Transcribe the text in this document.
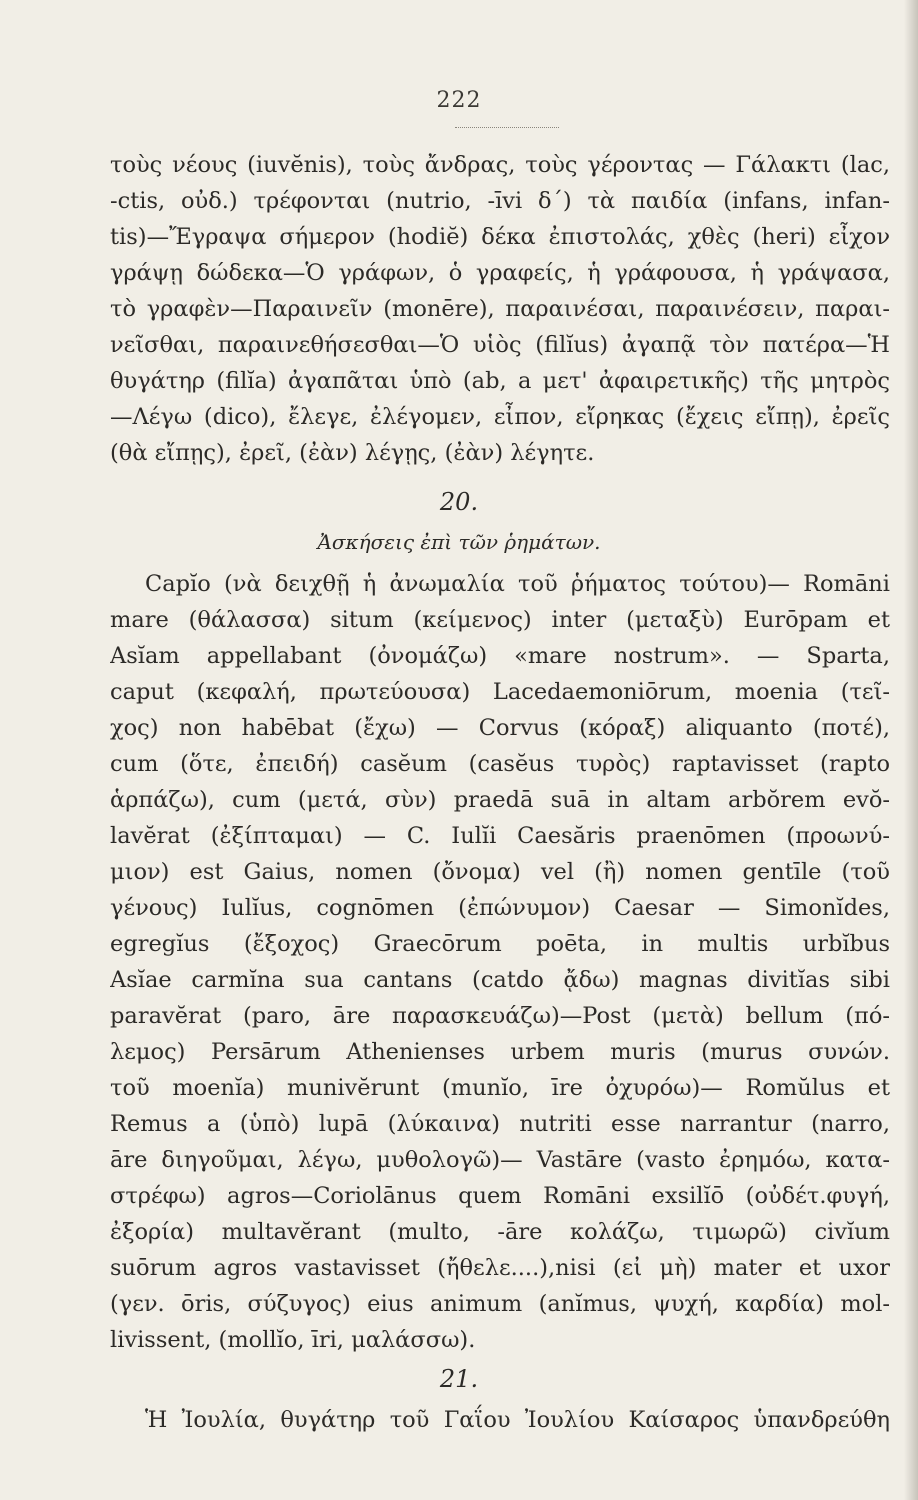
222
τοὺς νέους (iuvĕnis), τοὺς ἄνδρας, τοὺς γέροντας — Γάλακτι (lac,
-ctis, οὐδ.) τρέφονται (nutrio, -īvi δ΄) τὰ παιδία (infans, infan-
tis)—Ἔγραψα σήμερον (hodiĕ) δέκα ἐπιστολάς, χθὲς (heri) εἶχον
γράψῃ δώδεκα—Ὁ γράφων, ὁ γραφείς, ἡ γράφουσα, ἡ γράψασα,
τὸ γραφὲν—Παραινεῖν (monēre), παραινέσαι, παραινέσειν, παραι-
νεῖσθαι, παραινεθήσεσθαι—Ὁ υἱὸς (filĭus) ἀγαπᾷ τὸν πατέρα—Ἡ
θυγάτηρ (filĭa) ἀγαπᾶται ὑπὸ (ab, a μετ' ἀφαιρετικῆς) τῆς μητρὸς
—Λέγω (dico), ἔλεγε, ἐλέγομεν, εἶπον, εἴρηκας (ἔχεις εἴπῃ), ἐρεῖς
(θὰ εἴπῃς), ἐρεῖ, (ἐὰν) λέγῃς, (ἐὰν) λέγητε.
20.
Ἀσκήσεις ἐπὶ τῶν ῥημάτων.
Capĭo (νὰ δειχθῇ ἡ ἀνωμαλία τοῦ ῥήματος τούτου)— Romāni
mare (θάλασσα) situm (κείμενος) inter (μεταξὺ) Eurōpam et
Asĭam appellabant (ὀνομάζω) «mare nostrum». — Sparta,
caput (κεφαλή, πρωτεύουσα) Lacedaemoniōrum, moenia (τεῖ-
χος) non habēbat (ἔχω) — Corvus (κόραξ) aliquanto (ποτέ),
cum (ὅτε, ἐπειδή) casĕum (casĕus τυρὸς) raptavisset (rapto
ἁρπάζω), cum (μετά, σὺν) praedā suā in altam arbŏrem evŏ-
lavĕrat (ἐξίπταμαι) — C. Iulĭi Caesăris praenōmen (προωνύ-
μιον) est Gaius, nomen (ὄνομα) vel (ἢ) nomen gentīle (τοῦ
γένους) Iulĭus, cognōmen (ἐπώνυμον) Caesar — Simonĭdes,
egregĭus (ἔξοχος) Graecōrum poēta, in multis urbĭbus
Asĭae carmĭna sua cantans (catdo ᾄδω) magnas divitĭas sibi
paravĕrat (paro, āre παρασκευάζω)—Post (μετὰ) bellum (πό-
λεμος) Persārum Athenienses urbem muris (murus συνών.
τοῦ moenĭa) munivĕrunt (munĭo, īre ὀχυρόω)— Romŭlus et
Remus a (ὑπὸ) lupā (λύκαινα) nutriti esse narrantur (narro,
āre διηγοῦμαι, λέγω, μυθολογῶ)— Vastāre (vasto ἐρημόω, κατα-
στρέφω) agros—Coriolānus quem Romāni exsilĭō (οὐδέτ.φυγή,
ἐξορία) multavĕrant (multo, -āre κολάζω, τιμωρῶ) civĭum
suōrum agros vastavisset (ἤθελε....),nisi (εἰ μὴ) mater et uxor
(γεν. ōris, σύζυγος) eius animum (anĭmus, ψυχή, καρδία) mol-
livissent, (mollĭo, īri, μαλάσσω).
21.
Ἡ Ἰουλία, θυγάτηρ τοῦ Γαΐου Ἰουλίου Καίσαρος ὑπανδρεύθη
